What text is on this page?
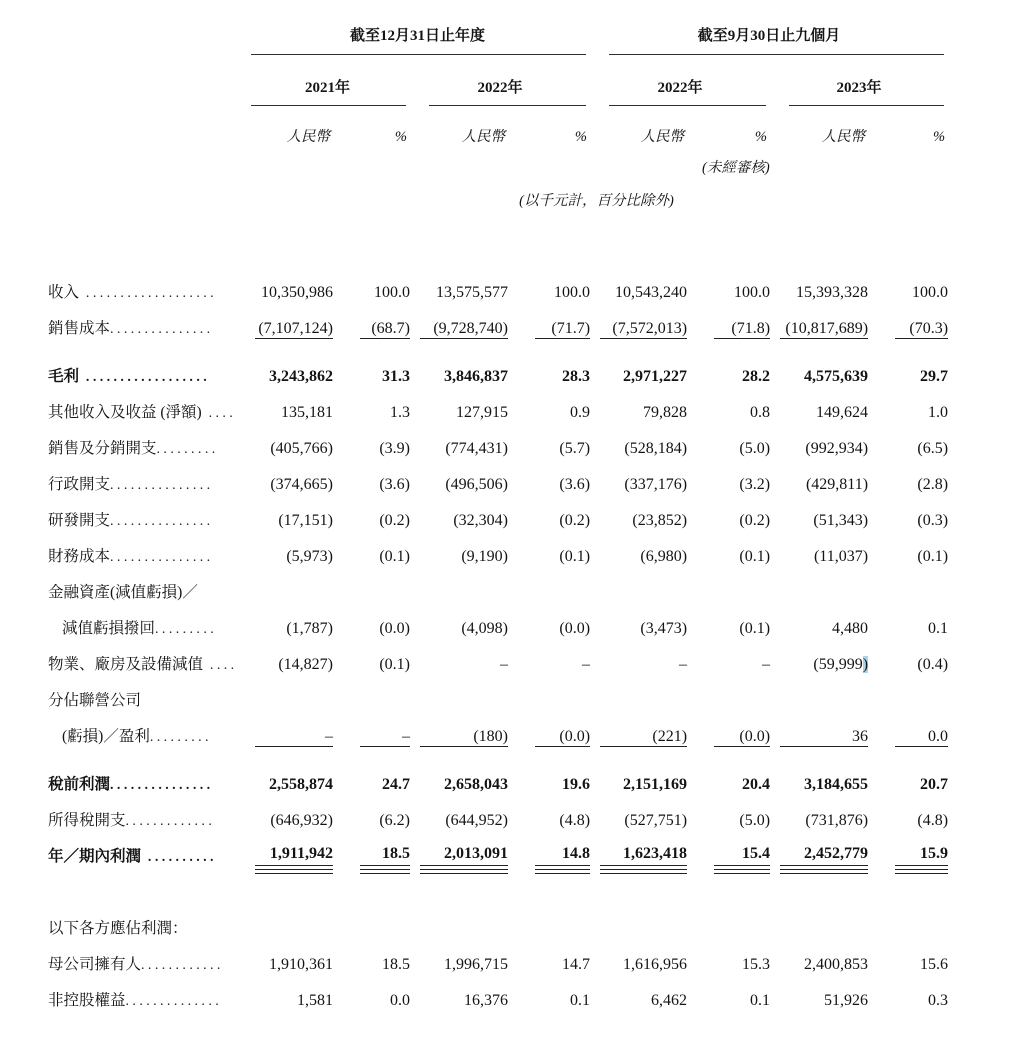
	截至12月31日止年度				截至9月30日止九個月			

	2021年		2022年		2022年		2023年	

	人民幣	%	人民幣	%	人民幣	%	人民幣	%

					(未經審核)			

	(以千元計，百分比除外)							
收入 ...................	10,350,986	100.0	13,575,577	100.0	10,543,240	100.0	15,393,328	100.0
銷售成本...............	(7,107,124)	(68.7)	(9,728,740)	(71.7)	(7,572,013)	(71.8)	(10,817,689)	(70.3)

毛利 ..................	3,243,862	31.3	3,846,837	28.3	2,971,227	28.2	4,575,639	29.7
其他收入及收益 (淨額) ....	135,181	1.3	127,915	0.9	79,828	0.8	149,624	1.0
銷售及分銷開支.........	(405,766)	(3.9)	(774,431)	(5.7)	(528,184)	(5.0)	(992,934)	(6.5)
行政開支...............	(374,665)	(3.6)	(496,506)	(3.6)	(337,176)	(3.2)	(429,811)	(2.8)
研發開支...............	(17,151)	(0.2)	(32,304)	(0.2)	(23,852)	(0.2)	(51,343)	(0.3)
財務成本...............	(5,973)	(0.1)	(9,190)	(0.1)	(6,980)	(0.1)	(11,037)	(0.1)
金融資產(減值虧損)／								
減值虧損撥回.........	(1,787)	(0.0)	(4,098)	(0.0)	(3,473)	(0.1)	4,480	0.1
物業、廠房及設備減值 ....	(14,827)	(0.1)	–	–	–	–	(59,999)	(0.4)
分佔聯營公司								
(虧損)／盈利.........	–	–	(180)	(0.0)	(221)	(0.0)	36	0.0

稅前利潤...............	2,558,874	24.7	2,658,043	19.6	2,151,169	20.4	3,184,655	20.7
所得稅開支.............	(646,932)	(6.2)	(644,952)	(4.8)	(527,751)	(5.0)	(731,876)	(4.8)
年／期內利潤 ..........	1,911,942	18.5	2,013,091	14.8	1,623,418	15.4	2,452,779	15.9

以下各方應佔利潤：								
母公司擁有人............	1,910,361	18.5	1,996,715	14.7	1,616,956	15.3	2,400,853	15.6
非控股權益..............	1,581	0.0	16,376	0.1	6,462	0.1	51,926	0.3
